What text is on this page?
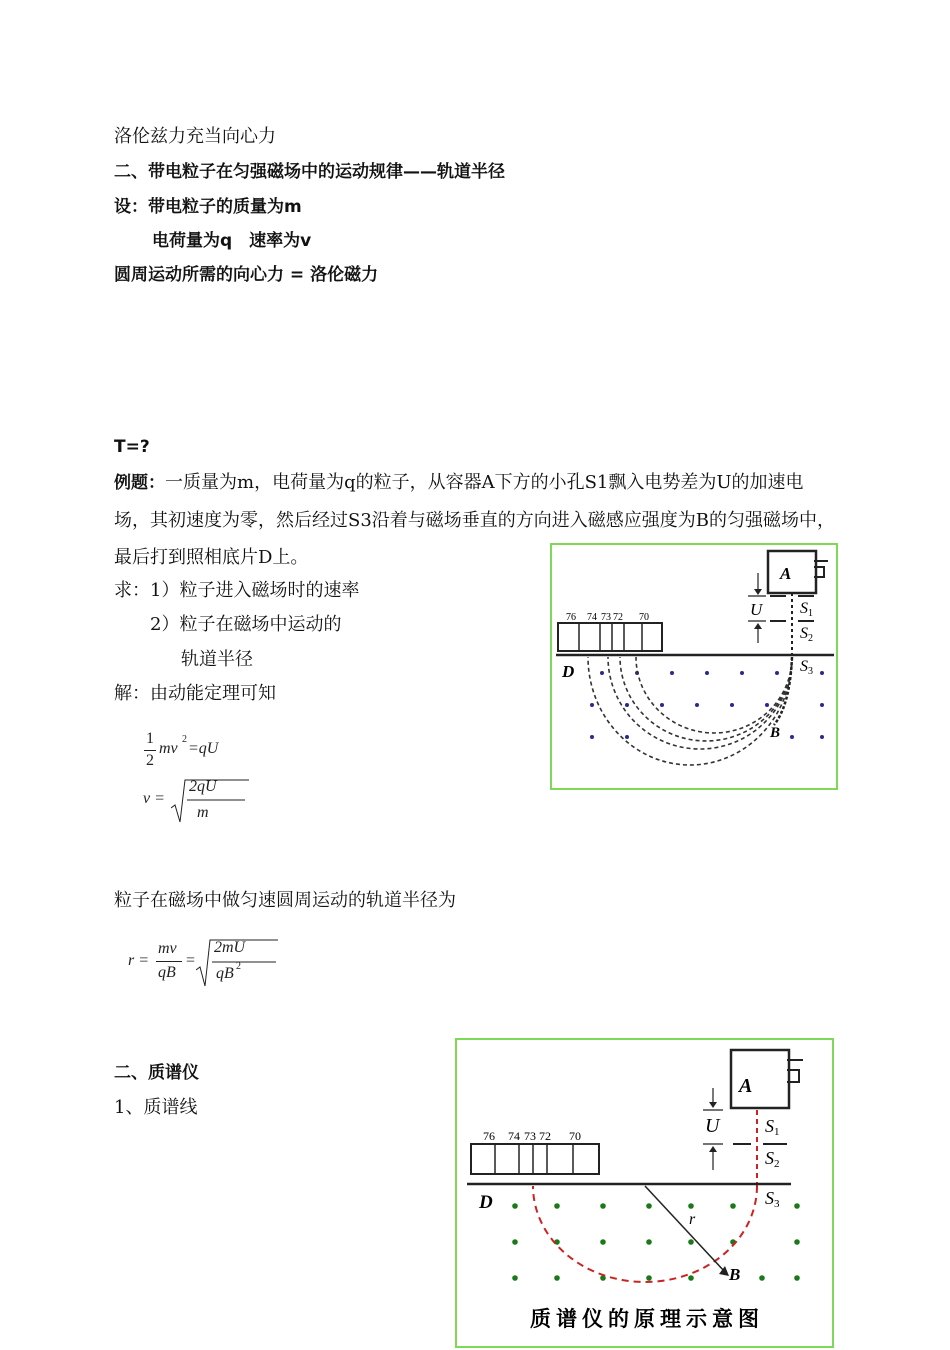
洛伦兹力充当向心力
二、带电粒子在匀强磁场中的运动规律——轨道半径
设：带电粒子的质量为m
电荷量为q　速率为v
圆周运动所需的向心力 = 洛伦磁力
T=?
例题：一质量为m，电荷量为q的粒子，从容器A下方的小孔S1飘入电势差为U的加速电场，其初速度为零，然后经过S3沿着与磁场垂直的方向进入磁感应强度为B的匀强磁场中，最后打到照相底片D上。
求：1）粒子进入磁场时的速率
2）粒子在磁场中运动的
轨道半径
解：由动能定理可知
1
2
mv
2
=qU
v =
2qU
m
粒子在磁场中做匀速圆周运动的轨道半径为
r =
mv
qB
=
2mU
qB 2
二、质谱仪
1、质谱线
A
U S1
S2
S3
76 74 73 72 70
D
B
A
U	S1
S2
S3
76 74 73 72 70
D
r
B
质谱仪的原理示意图
